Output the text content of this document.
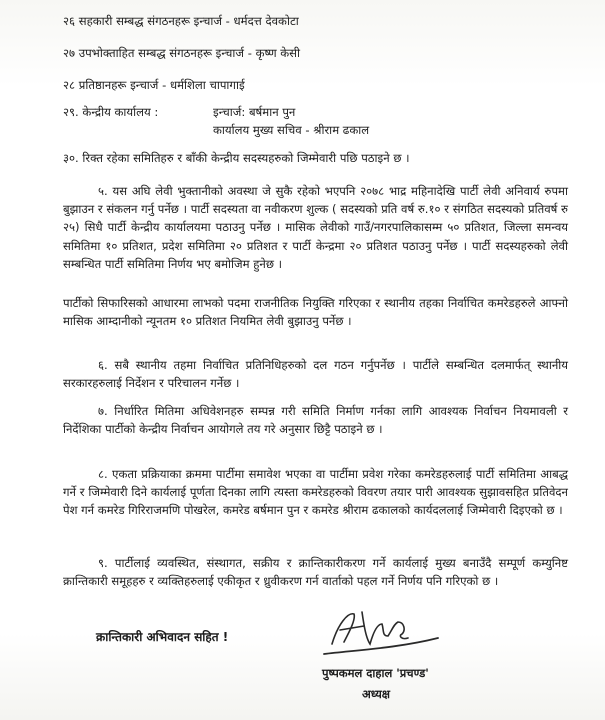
२६ सहकारी सम्बद्ध संगठनहरू इन्चार्ज - धर्मदत्त देवकोटा
२७ उपभोक्ताहित सम्बद्ध संगठनहरू इन्चार्ज - कृष्ण केसी
२८ प्रतिष्ठानहरू इन्चार्ज - धर्मशिला चापागाई
२९. केन्द्रीय कार्यालय :	इन्चार्ज: बर्षमान पुन
कार्यालय मुख्य सचिव - श्रीराम ढकाल
३०. रिक्त रहेका समितिहरु र बाँकी केन्द्रीय सदस्यहरुको जिम्मेवारी पछि पठाइने छ ।
५. यस अघि लेवी भुक्तानीको अवस्था जे सुकै रहेको भएपनि २०७८ भाद्र महिनादेखि पार्टी लेवी अनिवार्य रुपमा बुझाउन र संकलन गर्नु पर्नेछ । पार्टी सदस्यता वा नवीकरण शुल्क ( सदस्यको प्रति वर्ष रु.१० र संगठित सदस्यको प्रतिवर्ष रु २५) सिधै पार्टी केन्द्रीय कार्यालयमा पठाउनु पर्नेछ । मासिक लेवीको गाउँ/नगरपालिकासम्म ५० प्रतिशत, जिल्ला समन्वय समितिमा १० प्रतिशत, प्रदेश समितिमा २० प्रतिशत र पार्टी केन्द्रमा २० प्रतिशत पठाउनु पर्नेछ । पार्टी सदस्यहरुको लेवी सम्बन्धित पार्टी समितिमा निर्णय भए बमोजिम हुनेछ ।
पार्टीको सिफारिसको आधारमा लाभको पदमा राजनीतिक नियुक्ति गरिएका र स्थानीय तहका निर्वाचित कमरेडहरुले आफ्नो मासिक आम्दानीको न्यूनतम १० प्रतिशत नियमित लेवी बुझाउनु पर्नेछ ।
६. सबै स्थानीय तहमा निर्वाचित प्रतिनिधिहरुको दल गठन गर्नुपर्नेछ । पार्टीले सम्बन्धित दलमार्फत् स्थानीय सरकारहरुलाई निर्देशन र परिचालन गर्नेछ ।
७. निर्धारित मितिमा अधिवेशनहरु सम्पन्न गरी समिति निर्माण गर्नका लागि आवश्यक निर्वाचन नियमावली र निर्देशिका पार्टीको केन्द्रीय निर्वाचन आयोगले तय गरे अनुसार छिट्टै पठाइने छ ।
८. एकता प्रक्रियाका क्रममा पार्टीमा समावेश भएका वा पार्टीमा प्रवेश गरेका कमरेडहरुलाई पार्टी समितिमा आबद्ध गर्ने र जिम्मेवारी दिने कार्यलाई पूर्णता दिनका लागि त्यस्ता कमरेडहरुको विवरण तयार पारी आवश्यक सुझावसहित प्रतिवेदन पेश गर्न कमरेड गिरिराजमणि पोखरेल, कमरेड बर्षमान पुन र कमरेड श्रीराम ढकालको कार्यदललाई जिम्मेवारी दिइएको छ ।
९. पार्टीलाई व्यवस्थित, संस्थागत, सक्रीय र क्रान्तिकारीकरण गर्ने कार्यलाई मुख्य बनाउँदै सम्पूर्ण कम्युनिष्ट क्रान्तिकारी समूहहरु र व्यक्तिहरुलाई एकीकृत र ध्रुवीकरण गर्न वार्ताको पहल गर्ने निर्णय पनि गरिएको छ ।
क्रान्तिकारी अभिवादन सहित !
पुष्पकमल दाहाल 'प्रचण्ड'
अध्यक्ष
